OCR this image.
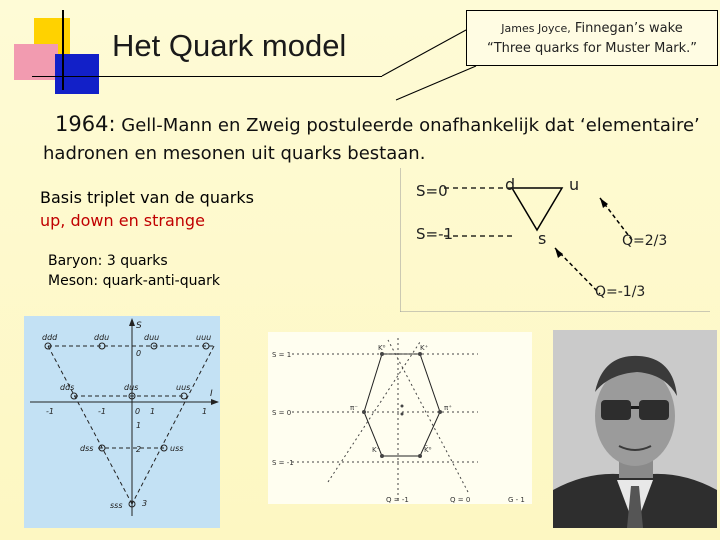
Het Quark model	James Joyce, Finnegan’s wake
“Three quarks for Muster Mark.”
1964: Gell-Mann en Zweig postuleerde onafhankelijk dat ‘elementaire’
hadronen en mesonen uit quarks bestaan.
Basis triplet van de quarks
up, down en strange
Baryon: 3 quarks
Meson: quark-anti-quark
S=0
S=-1
d	u
s	Q=2/3
Q=-1/3
ddd	ddu	duu	uuu
dds	dus	uus
dss	uss
sss
S
I
-1	-1	0 1	1
0
1
2
3
S = 1
S = 0
S = -1
Q = -1	Q = 0	G - 1
K⁰	K⁺
π⁻	π⁺
K⁻	K̄⁰
